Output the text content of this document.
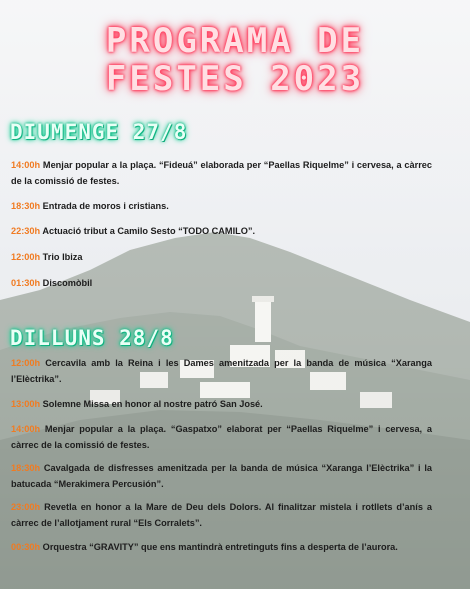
PROGRAMA DE
FESTES 2023
DIUMENGE 27/8
14:00h Menjar popular a la plaça. “Fideuá” elaborada per “Paellas Riquelme” i cervesa, a càrrec de la comissió de festes.
18:30h Entrada de moros i cristians.
22:30h Actuació tribut a Camilo Sesto “TODO CAMILO”.
12:00h Trio Ibiza
01:30h Discomòbil
DILLUNS 28/8
12:00h Cercavila amb la Reina i les Dames amenitzada per la banda de música “Xaranga l’Elèctrika”.
13:00h Solemne Missa en honor al nostre patró San José.
14:00h Menjar popular a la plaça. “Gaspatxo” elaborat per “Paellas Riquelme” i cervesa, a càrrec de la comissió de festes.
18:30h Cavalgada de disfresses amenitzada per la banda de música “Xaranga l’Elèctrika” i la batucada “Merakimera Percusión”.
23:00h Revetla en honor a la Mare de Deu dels Dolors. Al finalitzar mistela i rotllets d’anís a càrrec de l’allotjament rural “Els Corralets”.
00:30h Orquestra “GRAVITY” que ens mantindrà entretinguts fins a desperta de l’aurora.
